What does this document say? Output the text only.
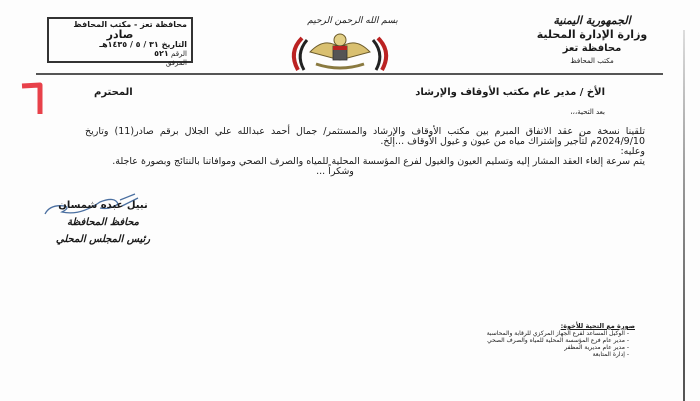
الجمهورية اليمنية
وزارة الإدارة المحلية
محافظة تعز
مكتب المحافظ
بسم الله الرحمن الرحيم
محافظة تعز - مكتب المحافظ
صادر
التاريخ ٣١ / ٥ / ١٤٣٥هـ
الرقم ٥٢١
المرفق
الأخ / مدير عام مكتب الأوقاف والإرشاد
المحترم
بعد التحية،،،

تلقينا نسخة من عقد الاتفاق المبرم بين مكتب الأوقاف والإرشاد والمستثمر/ جمال أحمد عبدالله علي الجلال برقم صادر(11) وتاريخ 2024/9/10م لتأجير وإشتراك مياه من عيون و غيول الأوقاف ...إلخ.

وعليه:

يتم سرعة إلغاء العقد المشار إليه وتسليم العيون والغيول لفرع المؤسسة المحلية للمياه والصرف الصحي وموافاتنا بالنتائج وبصورة عاجلة.

وشكراً ...

نبيل عبده شمسان
محافظ المحافظة
رئيس المجلس المحلي
صورة مع التحية للأخوة:
- الوكيل المساعد لفرع الجهاز المركزي للرقابة والمحاسبة
- مدير عام فرع المؤسسة المحلية للمياه والصرف الصحي
- مدير عام مديرية المظفر
- إدارة المتابعة
